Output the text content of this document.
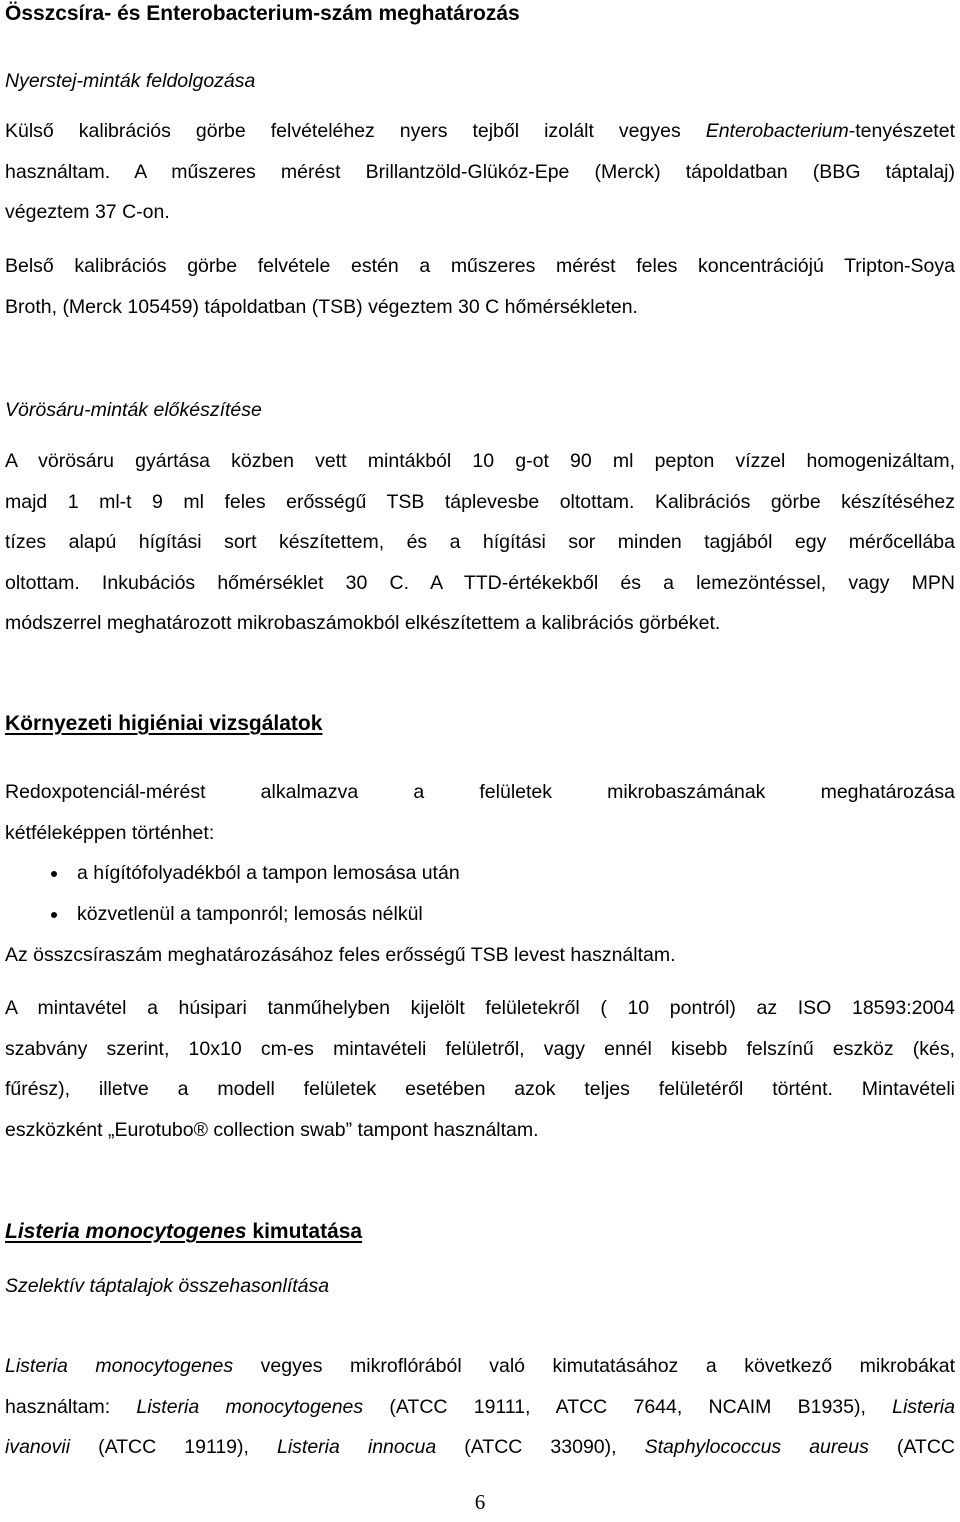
Összcsíra- és Enterobacterium-szám meghatározás
Nyerstej-minták feldolgozása
Külső kalibrációs görbe felvételéhez nyers tejből izolált vegyes Enterobacterium-tenyészetet
használtam. A műszeres mérést Brillantzöld-Glükóz-Epe (Merck) tápoldatban (BBG táptalaj)
végeztem 37 C-on.
Belső kalibrációs görbe felvétele estén a műszeres mérést feles koncentrációjú Tripton-Soya
Broth, (Merck 105459) tápoldatban (TSB) végeztem 30 C hőmérsékleten.
Vörösáru-minták előkészítése
A vörösáru gyártása közben vett mintákból 10 g-ot 90 ml pepton vízzel homogenizáltam,
majd 1 ml-t 9 ml feles erősségű TSB táplevesbe oltottam. Kalibrációs görbe készítéséhez
tízes alapú hígítási sort készítettem, és a hígítási sor minden tagjából egy mérőcellába
oltottam. Inkubációs hőmérséklet 30 C. A TTD-értékekből és a lemezöntéssel, vagy MPN
módszerrel meghatározott mikrobaszámokból elkészítettem a kalibrációs görbéket.
Környezeti higiéniai vizsgálatok
Redoxpotenciál-mérést alkalmazva a felületek mikrobaszámának meghatározása
kétféleképpen történhet:
a hígítófolyadékból a tampon lemosása után
közvetlenül a tamponról; lemosás nélkül
Az összcsíraszám meghatározásához feles erősségű TSB levest használtam.
A mintavétel a húsipari tanműhelyben kijelölt felületekről ( 10 pontról) az ISO 18593:2004
szabvány szerint, 10x10 cm-es mintavételi felületről, vagy ennél kisebb felszínű eszköz (kés,
fűrész), illetve a modell felületek esetében azok teljes felületéről történt. Mintavételi
eszközként „Eurotubo® collection swab” tampont használtam.
Listeria monocytogenes kimutatása
Szelektív táptalajok összehasonlítása
Listeria monocytogenes vegyes mikroflórából való kimutatásához a következő mikrobákat
használtam: Listeria monocytogenes (ATCC 19111, ATCC 7644, NCAIM B1935), Listeria
ivanovii (ATCC 19119), Listeria innocua (ATCC 33090), Staphylococcus aureus (ATCC
6
